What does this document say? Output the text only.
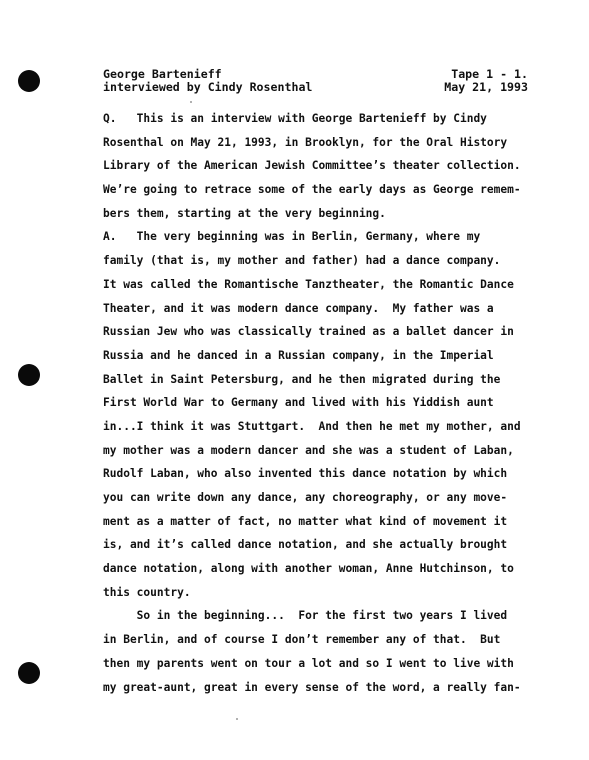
George Bartenieff	Tape 1 - 1.
interviewed by Cindy Rosenthal	May 21, 1993
Q.   This is an interview with George Bartenieff by Cindy
Rosenthal on May 21, 1993, in Brooklyn, for the Oral History
Library of the American Jewish Committee’s theater collection.
We’re going to retrace some of the early days as George remem-
bers them, starting at the very beginning.
A.   The very beginning was in Berlin, Germany, where my
family (that is, my mother and father) had a dance company.
It was called the Romantische Tanztheater, the Romantic Dance
Theater, and it was modern dance company.  My father was a
Russian Jew who was classically trained as a ballet dancer in
Russia and he danced in a Russian company, in the Imperial
Ballet in Saint Petersburg, and he then migrated during the
First World War to Germany and lived with his Yiddish aunt
in...I think it was Stuttgart.  And then he met my mother, and
my mother was a modern dancer and she was a student of Laban,
Rudolf Laban, who also invented this dance notation by which
you can write down any dance, any choreography, or any move-
ment as a matter of fact, no matter what kind of movement it
is, and it’s called dance notation, and she actually brought
dance notation, along with another woman, Anne Hutchinson, to
this country.
So in the beginning...  For the first two years I lived
in Berlin, and of course I don’t remember any of that.  But
then my parents went on tour a lot and so I went to live with
my great-aunt, great in every sense of the word, a really fan-
